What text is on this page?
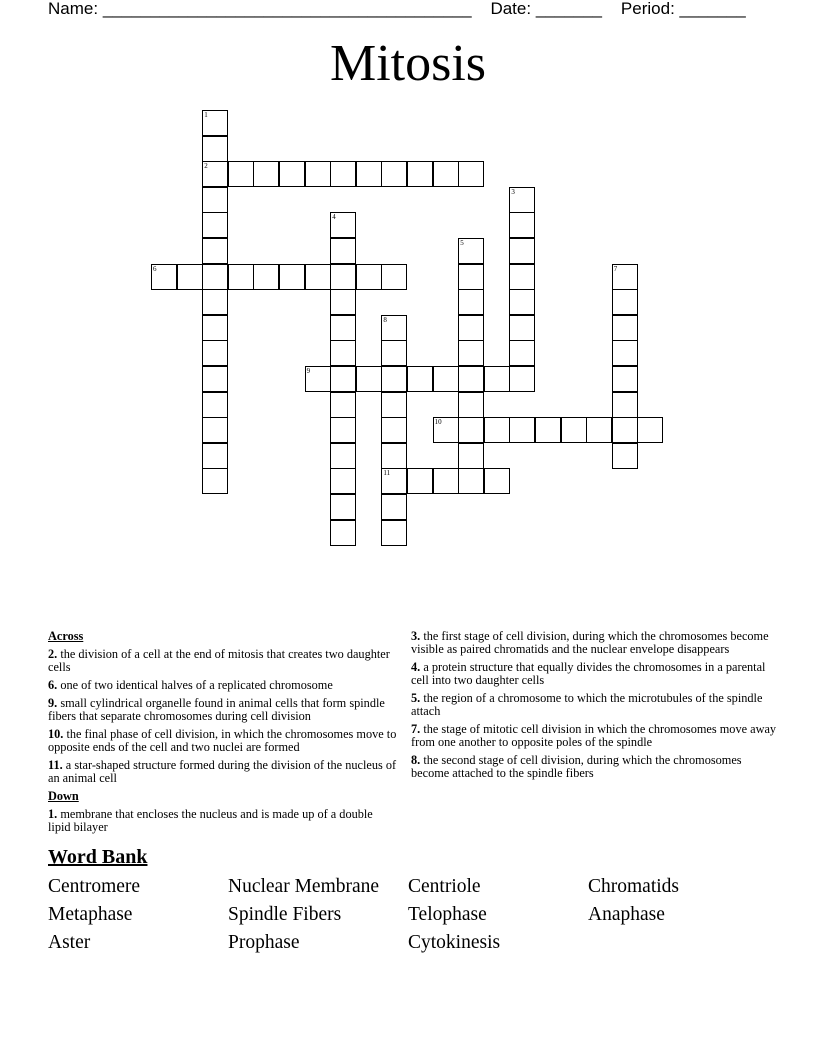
Name: _______________________________________ Date: _______ Period: _______
Mitosis
1
2
3
4
5
6	7
8
11
9
10
Across
2. the division of a cell at the end of mitosis that creates two daughter cells
6. one of two identical halves of a replicated chromosome
9. small cylindrical organelle found in animal cells that form spindle fibers that separate chromosomes during cell division
10. the final phase of cell division, in which the chromosomes move to opposite ends of the cell and two nuclei are formed
11. a star-shaped structure formed during the division of the nucleus of an animal cell
Down
1. membrane that encloses the nucleus and is made up of a double lipid bilayer
3. the first stage of cell division, during which the chromosomes become visible as paired chromatids and the nuclear envelope disappears
4. a protein structure that equally divides the chromosomes in a parental cell into two daughter cells
5. the region of a chromosome to which the microtubules of the spindle attach
7. the stage of mitotic cell division in which the chromosomes move away from one another to opposite poles of the spindle
8. the second stage of cell division, during which the chromosomes become attached to the spindle fibers
Word Bank
Centromere	Nuclear Membrane	Centriole	Chromatids
Metaphase	Spindle Fibers	Telophase	Anaphase
Aster	Prophase	Cytokinesis
